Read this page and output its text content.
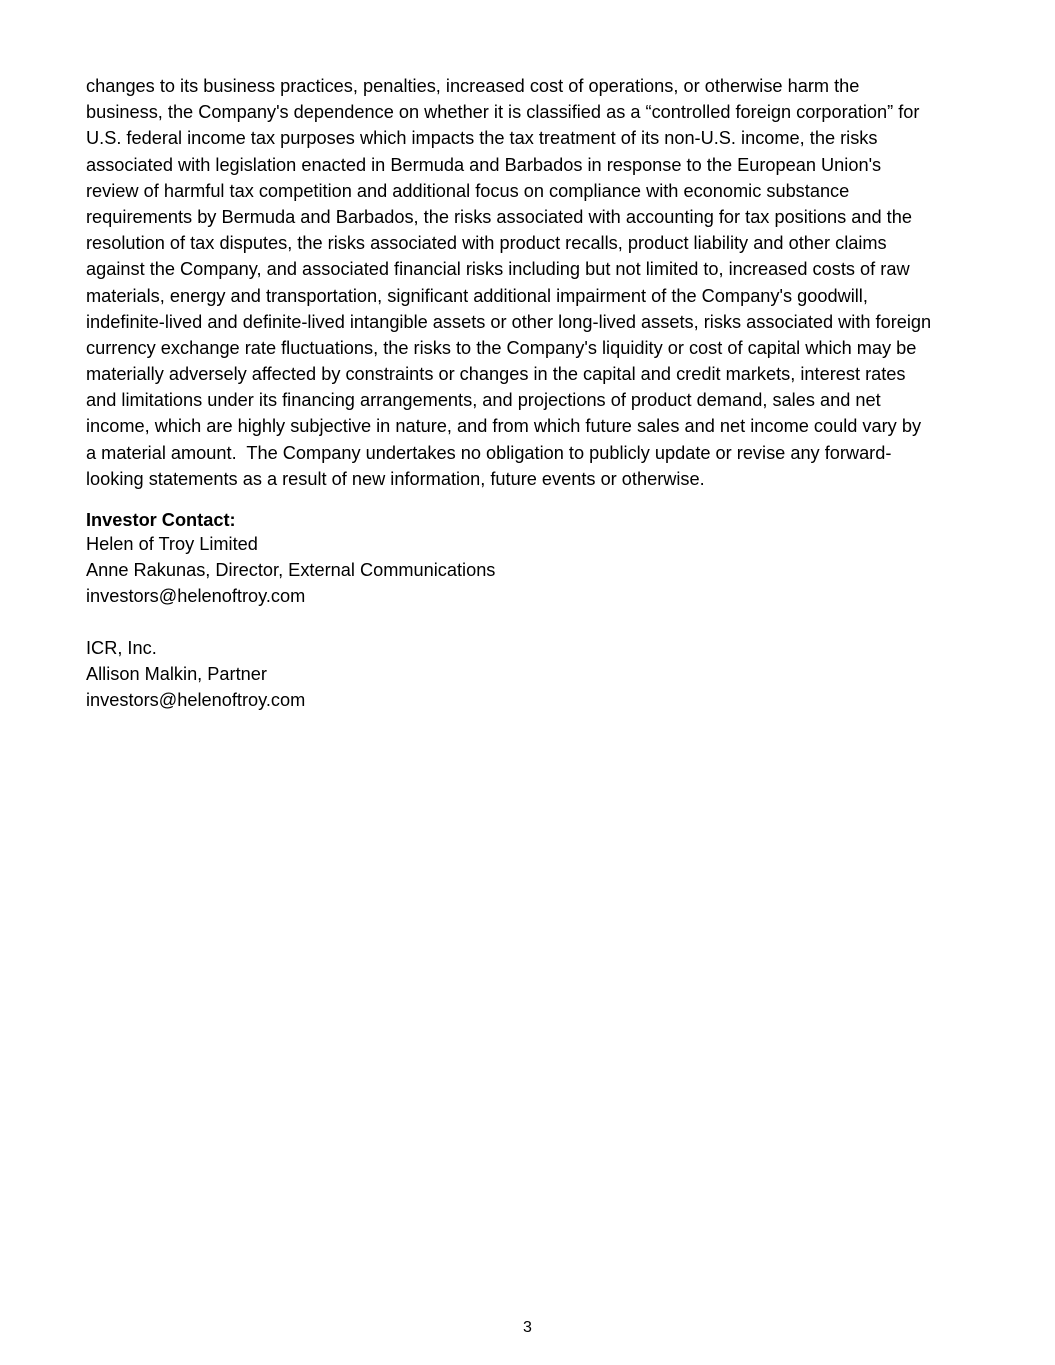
changes to its business practices, penalties, increased cost of operations, or otherwise harm the

business, the Company's dependence on whether it is classified as a “controlled foreign corporation” for

U.S. federal income tax purposes which impacts the tax treatment of its non-U.S. income, the risks

associated with legislation enacted in Bermuda and Barbados in response to the European Union's

review of harmful tax competition and additional focus on compliance with economic substance

requirements by Bermuda and Barbados, the risks associated with accounting for tax positions and the

resolution of tax disputes, the risks associated with product recalls, product liability and other claims

against the Company, and associated financial risks including but not limited to, increased costs of raw

materials, energy and transportation, significant additional impairment of the Company's goodwill,

indefinite-lived and definite-lived intangible assets or other long-lived assets, risks associated with foreign

currency exchange rate fluctuations, the risks to the Company's liquidity or cost of capital which may be

materially adversely affected by constraints or changes in the capital and credit markets, interest rates

and limitations under its financing arrangements, and projections of product demand, sales and net

income, which are highly subjective in nature, and from which future sales and net income could vary by

a material amount.  The Company undertakes no obligation to publicly update or revise any forward-

looking statements as a result of new information, future events or otherwise.

Investor Contact:

Helen of Troy Limited

Anne Rakunas, Director, External Communications

investors@helenoftroy.com

ICR, Inc.

Allison Malkin, Partner

investors@helenoftroy.com

3
